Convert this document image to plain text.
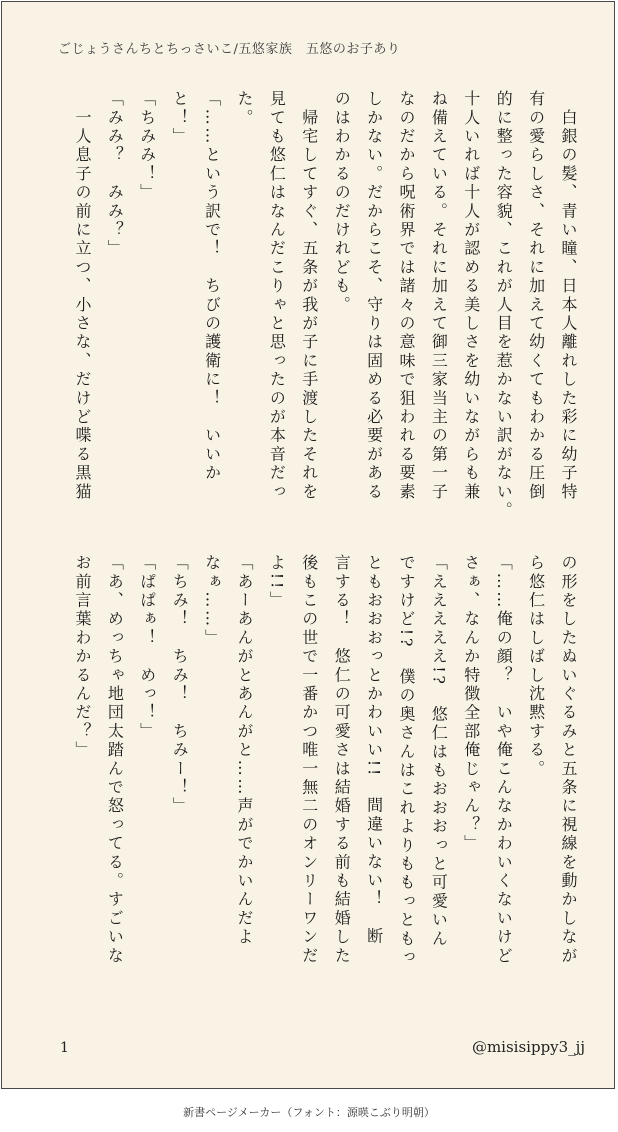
ごじょうさんちとちっさいこ/五悠家族　五悠のお子あり
　白銀の髪、青い瞳、日本人離れした彩に幼子特
有の愛らしさ、それに加えて幼くてもわかる圧倒
的に整った容貌、これが人目を惹かない訳がない。
十人いれば十人が認める美しさを幼いながらも兼
ね備えている。それに加えて御三家当主の第一子
なのだから呪術界では諸々の意味で狙われる要素
しかない。だからこそ、守りは固める必要がある
のはわかるのだけれども。
　帰宅してすぐ、五条が我が子に手渡したそれを
見ても悠仁はなんだこりゃと思ったのが本音だっ
た。
「……という訳で！　ちびの護衛に！　いいか
と！」
「ちみみ！」
「みみ？　みみ？」
　一人息子の前に立つ、小さな、だけど喋る黒猫
の形をしたぬいぐるみと五条に視線を動かしなが
ら悠仁はしばし沈黙する。
「……俺の顔？　いや俺こんなかわいくないけど
さぁ、なんか特徴全部俺じゃん？」
「えええええ!?　悠仁はもおおおっと可愛いん
ですけど!?　僕の奥さんはこれよりももっともっ
ともおおおっとかわいい!!　間違いない！　断
言する！　悠仁の可愛さは結婚する前も結婚した
後もこの世で一番かつ唯一無二のオンリーワンだ
よ!!」
「あーあんがとあんがと……声がでかいんだよ
なぁ……」
「ちみ！　ちみ！　ちみー！」
「ぱぱぁ！　めっ！」
「あ、めっちゃ地団太踏んで怒ってる。すごいな
お前言葉わかるんだ？」
1	@misisippy3_jj
新書ページメーカー（フォント：源暎こぶり明朝）
